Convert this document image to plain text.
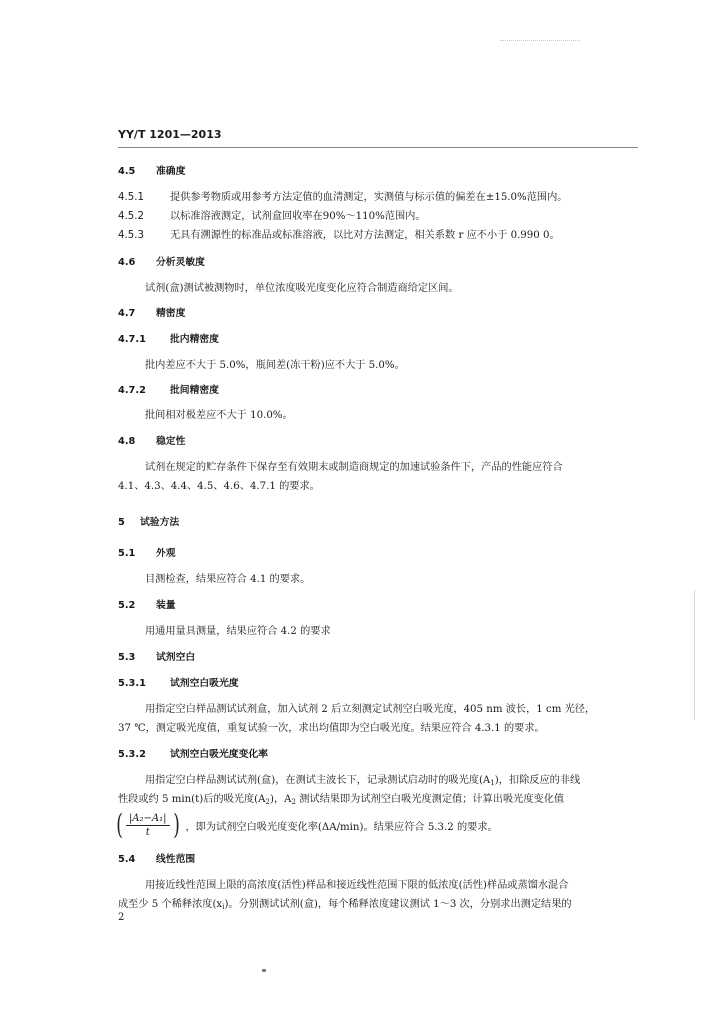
YY/T 1201—2013
4.5 准确度
4.5.1	提供参考物质或用参考方法定值的血清测定，实测值与标示值的偏差在±15.0%范围内。
4.5.2	以标准溶液测定，试剂盒回收率在90%～110%范围内。
4.5.3	无具有溯源性的标准品或标准溶液，以比对方法测定，相关系数 r 应不小于 0.990 0。
4.6 分析灵敏度
试剂(盒)测试被测物时，单位浓度吸光度变化应符合制造商给定区间。
4.7 精密度
4.7.1 批内精密度
批内差应不大于 5.0%，瓶间差(冻干粉)应不大于 5.0%。
4.7.2 批间精密度
批间相对极差应不大于 10.0%。
4.8 稳定性
试剂在规定的贮存条件下保存至有效期末或制造商规定的加速试验条件下，产品的性能应符合
4.1、4.3、4.4、4.5、4.6、4.7.1 的要求。
5 试验方法
5.1 外观
目测检查，结果应符合 4.1 的要求。
5.2 装量
用通用量具测量，结果应符合 4.2 的要求
5.3 试剂空白
5.3.1 试剂空白吸光度
用指定空白样品测试试剂盒，加入试剂 2 后立刻测定试剂空白吸光度，405 nm 波长，1 cm 光径，
37 ℃，测定吸光度值，重复试验一次，求出均值即为空白吸光度。结果应符合 4.3.1 的要求。
5.3.2 试剂空白吸光度变化率
用指定空白样品测试试剂(盒)，在测试主波长下，记录测试启动时的吸光度$(A_1)$，扣除反应的非线
性段或约 5 min(t)后的吸光度$(A_2)$，$A_2$ 测试结果即为试剂空白吸光度测定值；计算出吸光度变化值
( $\frac{\text{|A₂−A₁|}}{t}$ ) ，即为试剂空白吸光度变化率(ΔA/min)。结果应符合 5.3.2 的要求。
5.4 线性范围
用接近线性范围上限的高浓度(活性)样品和接近线性范围下限的低浓度(活性)样品或蒸馏水混合
成至少 5 个稀释浓度$(x_i)$。分别测试试剂(盒)，每个稀释浓度建议测试 1～3 次，分别求出测定结果的
2
